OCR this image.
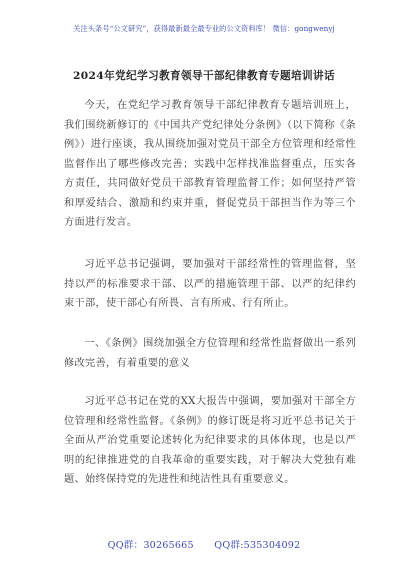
关注头条号“公文研究”，获得最新最全最专业的公文资料库！ 微信：gongwenyj
2024年党纪学习教育领导干部纪律教育专题培训讲话

今天，在党纪学习教育领导干部纪律教育专题培训班上，我们围绕新修订的《中国共产党纪律处分条例》（以下简称《条例》）进行座谈，我从围绕加强对党员干部全方位管理和经常性监督作出了哪些修改完善；实践中怎样找准监督重点，压实各方责任，共同做好党员干部教育管理监督工作；如何坚持严管和厚爱结合、激励和约束并重，督促党员干部担当作为等三个方面进行发言。

习近平总书记强调，要加强对干部经常性的管理监督，坚持以严的标准要求干部、以严的措施管理干部、以严的纪律约束干部，使干部心有所畏、言有所戒、行有所止。

一、《条例》围绕加强全方位管理和经常性监督做出一系列修改完善，有着重要的意义

习近平总书记在党的XX大报告中强调，要加强对干部全方位管理和经常性监督。《条例》的修订既是将习近平总书记关于全面从严治党重要论述转化为纪律要求的具体体现，也是以严明的纪律推进党的自我革命的重要实践，对于解决大党独有难题、始终保持党的先进性和纯洁性具有重要意义。

QQ群：30265665 QQ群:535304092
